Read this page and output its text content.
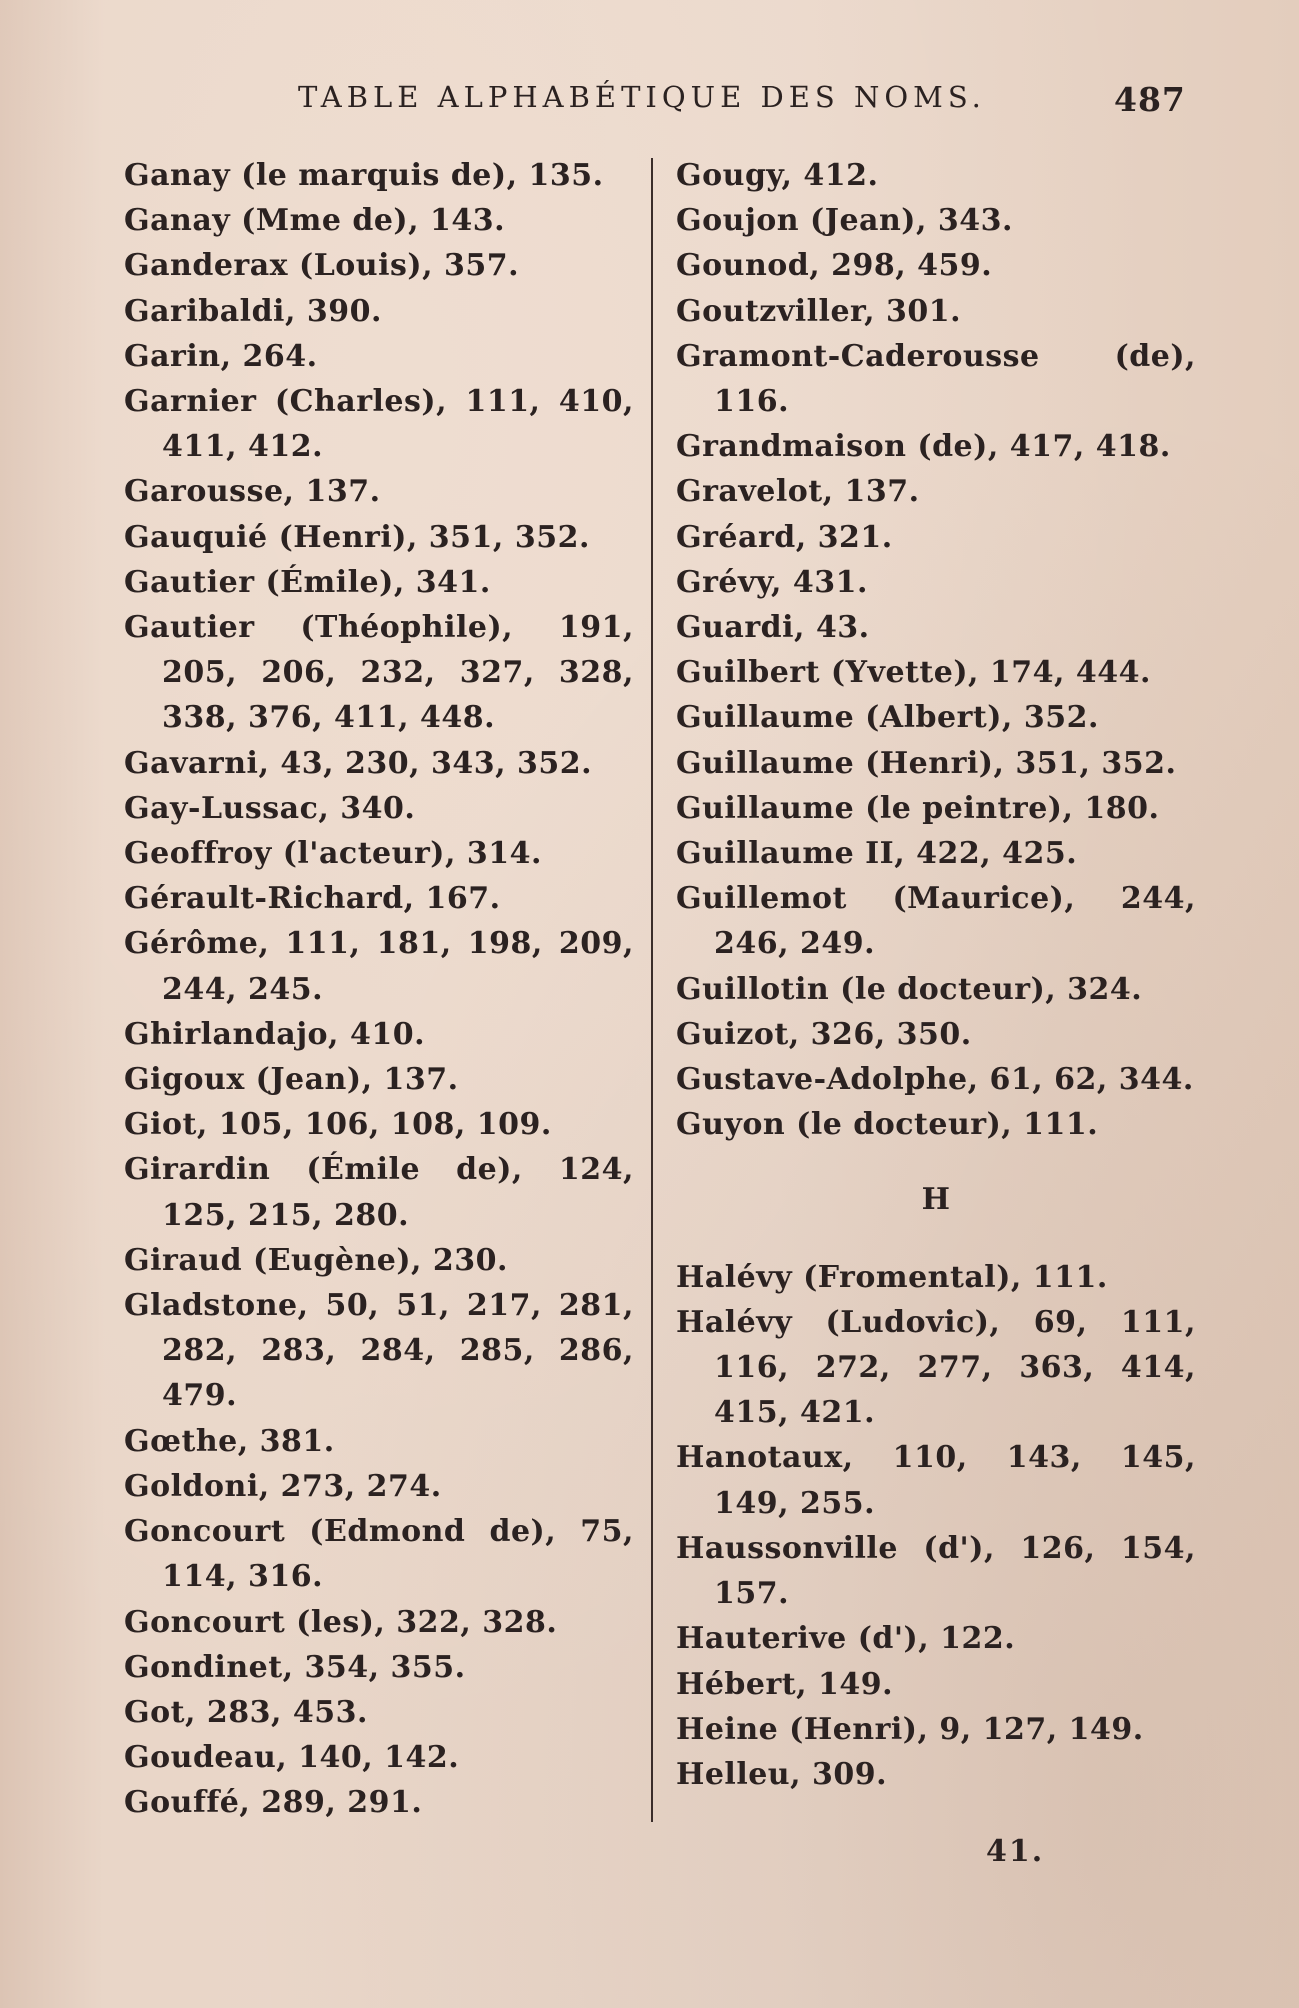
TABLE ALPHABÉTIQUE DES NOMS.	487

Ganay (le marquis de), 135.

Ganay (Mme de), 143.

Ganderax (Louis), 357.

Garibaldi, 390.

Garin, 264.

Garnier (Charles), 111, 410, 411, 412.

Garousse, 137.

Gauquié (Henri), 351, 352.

Gautier (Émile), 341.

Gautier (Théophile), 191, 205, 206, 232, 327, 328, 338, 376, 411, 448.

Gavarni, 43, 230, 343, 352.

Gay-Lussac, 340.

Geoffroy (l'acteur), 314.

Gérault-Richard, 167.

Gérôme, 111, 181, 198, 209, 244, 245.

Ghirlandajo, 410.

Gigoux (Jean), 137.

Giot, 105, 106, 108, 109.

Girardin (Émile de), 124, 125, 215, 280.

Giraud (Eugène), 230.

Gladstone, 50, 51, 217, 281, 282, 283, 284, 285, 286, 479.

Gœthe, 381.

Goldoni, 273, 274.

Goncourt (Edmond de), 75, 114, 316.

Goncourt (les), 322, 328.

Gondinet, 354, 355.

Got, 283, 453.

Goudeau, 140, 142.

Gouffé, 289, 291.

Gougy, 412.

Goujon (Jean), 343.

Gounod, 298, 459.

Goutzviller, 301.

Gramont-Caderousse (de), 116.

Grandmaison (de), 417, 418.

Gravelot, 137.

Gréard, 321.

Grévy, 431.

Guardi, 43.

Guilbert (Yvette), 174, 444.

Guillaume (Albert), 352.

Guillaume (Henri), 351, 352.

Guillaume (le peintre), 180.

Guillaume II, 422, 425.

Guillemot (Maurice), 244, 246, 249.

Guillotin (le docteur), 324.

Guizot, 326, 350.

Gustave-Adolphe, 61, 62, 344.

Guyon (le docteur), 111.

H

Halévy (Fromental), 111.

Halévy (Ludovic), 69, 111, 116, 272, 277, 363, 414, 415, 421.

Hanotaux, 110, 143, 145, 149, 255.

Haussonville (d'), 126, 154, 157.

Hauterive (d'), 122.

Hébert, 149.

Heine (Henri), 9, 127, 149.

Helleu, 309.

41.
